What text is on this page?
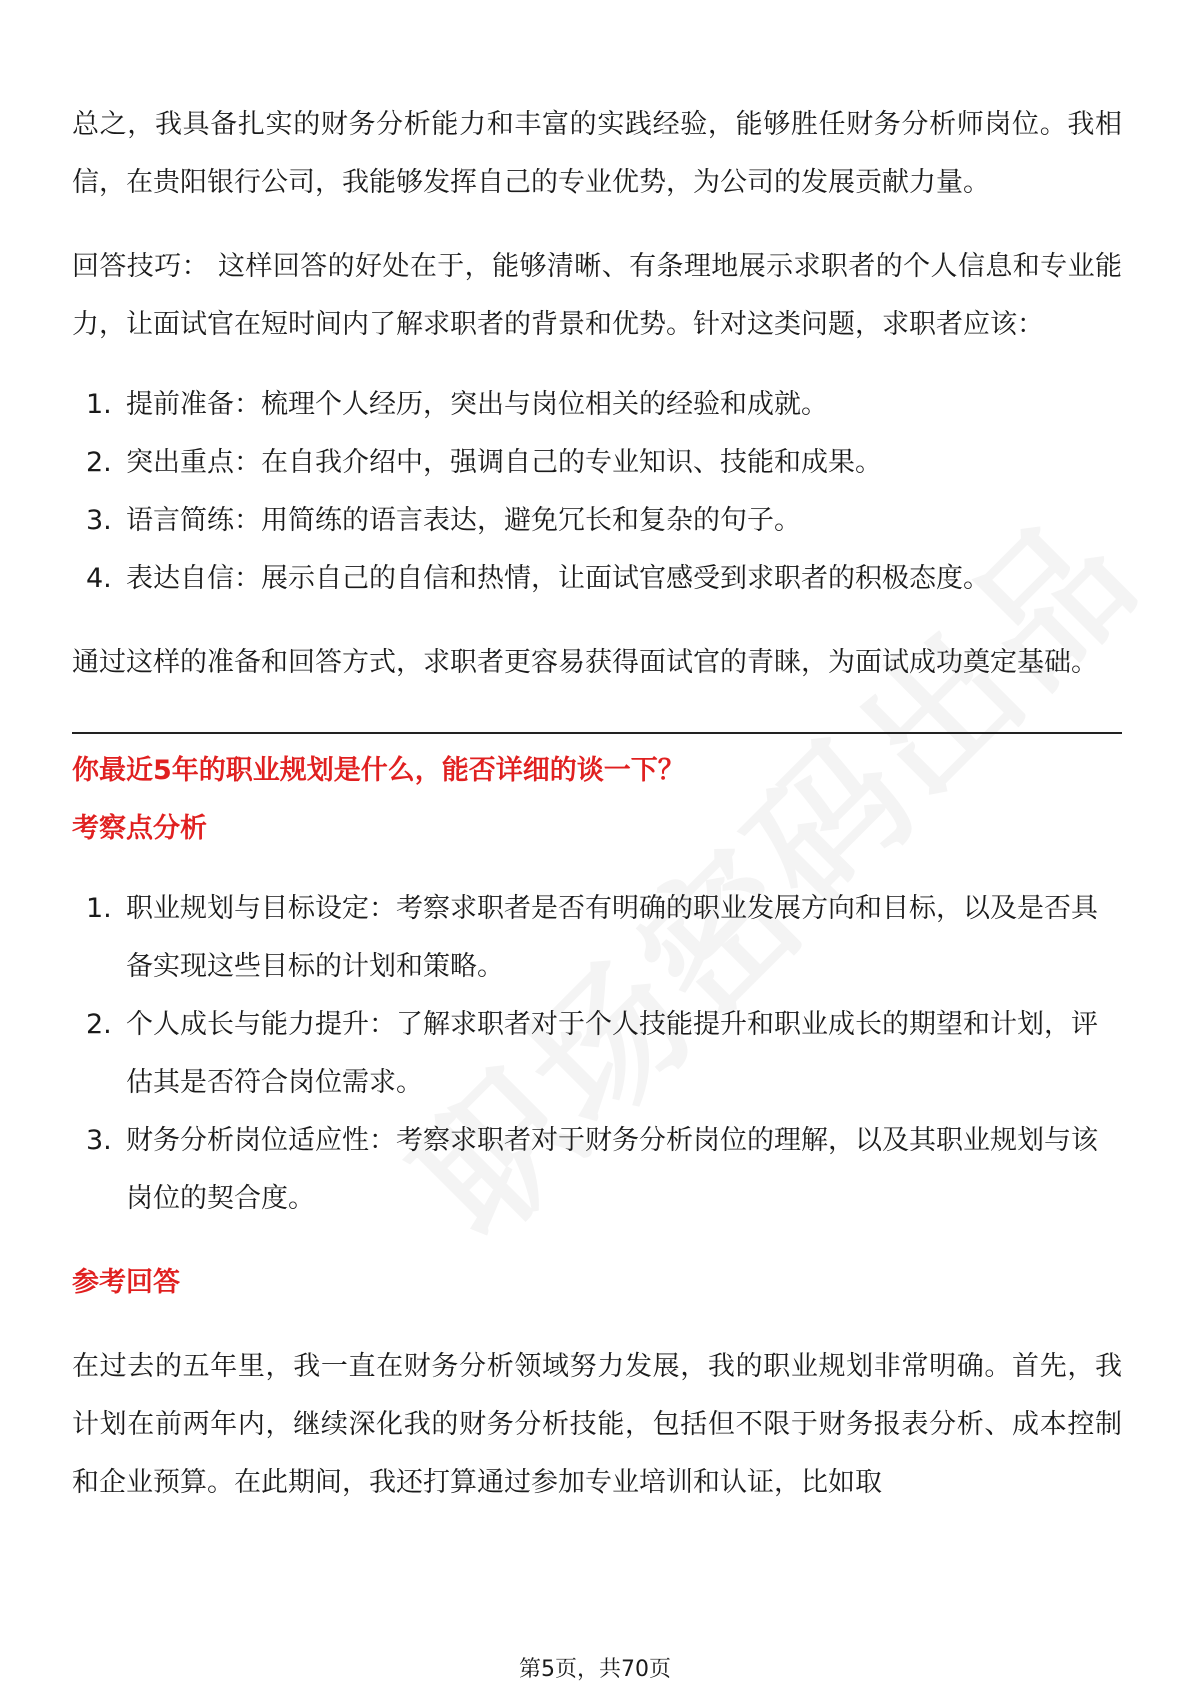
总之，我具备扎实的财务分析能力和丰富的实践经验，能够胜任财务分析师岗位。我相信，在贵阳银行公司，我能够发挥自己的专业优势，为公司的发展贡献力量。

回答技巧： 这样回答的好处在于，能够清晰、有条理地展示求职者的个人信息和专业能力，让面试官在短时间内了解求职者的背景和优势。针对这类问题，求职者应该：

1. 提前准备：梳理个人经历，突出与岗位相关的经验和成就。
2. 突出重点：在自我介绍中，强调自己的专业知识、技能和成果。
3. 语言简练：用简练的语言表达，避免冗长和复杂的句子。
4. 表达自信：展示自己的自信和热情，让面试官感受到求职者的积极态度。

通过这样的准备和回答方式，求职者更容易获得面试官的青睐，为面试成功奠定基础。

你最近5年的职业规划是什么，能否详细的谈一下？
考察点分析
1. 职业规划与目标设定：考察求职者是否有明确的职业发展方向和目标，以及是否具备实现这些目标的计划和策略。
2. 个人成长与能力提升：了解求职者对于个人技能提升和职业成长的期望和计划，评估其是否符合岗位需求。
3. 财务分析岗位适应性：考察求职者对于财务分析岗位的理解，以及其职业规划与该岗位的契合度。
参考回答

在过去的五年里，我一直在财务分析领域努力发展，我的职业规划非常明确。首先，我计划在前两年内，继续深化我的财务分析技能，包括但不限于财务报表分析、成本控制和企业预算。在此期间，我还打算通过参加专业培训和认证，比如取

第5页，共70页
